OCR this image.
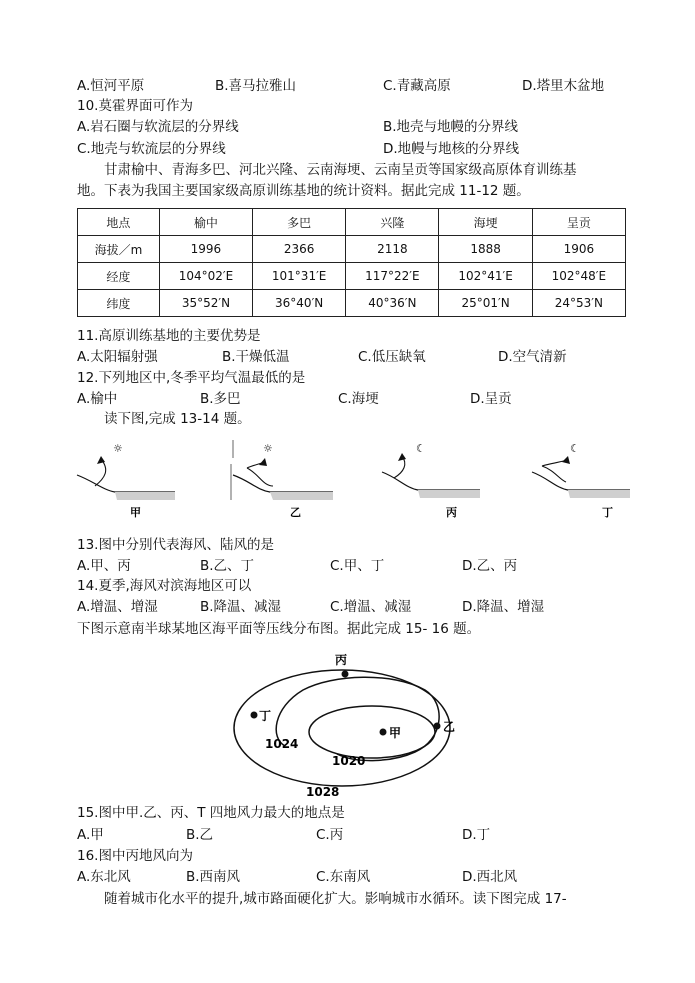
A.恒河平原	B.喜马拉雅山	C.青藏高原	D.塔里木盆地
10.莫霍界面可作为
A.岩石圈与软流层的分界线	B.地壳与地幔的分界线
C.地壳与软流层的分界线	D.地幔与地核的分界线
甘肃榆中、青海多巴、河北兴隆、云南海埂、云南呈贡等国家级高原体育训练基
地。下表为我国主要国家级高原训练基地的统计资料。据此完成 11-12 题。
地点	榆中	多巴	兴隆	海埂	呈贡
海拔／m	1996	2366	2118	1888	1906
经度	104°02′E	101°31′E	117°22′E	102°41′E	102°48′E
纬度	35°52′N	36°40′N	40°36′N	25°01′N	24°53′N
11.高原训练基地的主要优势是
A.太阳辐射强	B.干燥低温	C.低压缺氧	D.空气清新
12.下列地区中,冬季平均气温最低的是
A.榆中	B.多巴	C.海埂	D.呈贡
读下图,完成 13-14 题。
☼
甲
☼
乙
☾
丙
☾
丁
13.图中分别代表海风、陆风的是
A.甲、丙	B.乙、丁	C.甲、丁	D.乙、丙
14.夏季,海风对滨海地区可以
A.增温、增湿	B.降温、减湿	C.增温、减湿	D.降温、增湿
下图示意南半球某地区海平面等压线分布图。据此完成 15- 16 题。
丙
丁
甲	乙
1024
1020
1028
15.图中甲.乙、丙、T 四地风力最大的地点是
A.甲	B.乙	C.丙	D.丁
16.图中丙地风向为
A.东北风	B.西南风	C.东南风	D.西北风
随着城市化水平的提升,城市路面硬化扩大。影响城市水循环。读下图完成 17-
